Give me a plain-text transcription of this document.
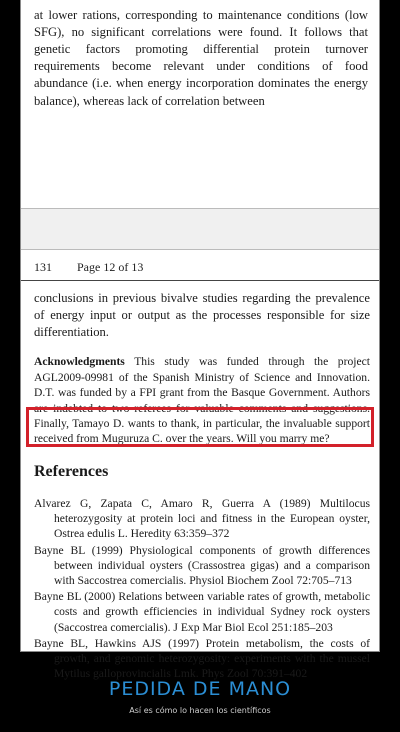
at lower rations, corresponding to maintenance conditions (low SFG), no significant correlations were found. It follows that genetic factors promoting differential protein turnover requirements become relevant under conditions of food abundance (i.e. when energy incorporation dominates the energy balance), whereas lack of correlation between

131 Page 12 of 13

conclusions in previous bivalve studies regarding the prevalence of energy input or output as the processes responsible for size differentiation.

Acknowledgments This study was funded through the project AGL2009-09981 of the Spanish Ministry of Science and Innovation. D.T. was funded by a FPI grant from the Basque Government. Authors are indebted to two referees for valuable comments and suggestions. Finally, Tamayo D. wants to thank, in particular, the invaluable support received from Muguruza C. over the years. Will you marry me?

References

Alvarez G, Zapata C, Amaro R, Guerra A (1989) Multilocus heterozygosity at protein loci and fitness in the European oyster, Ostrea edulis L. Heredity 63:359–372

Bayne BL (1999) Physiological components of growth differences between individual oysters (Crassostrea gigas) and a comparison with Saccostrea comercialis. Physiol Biochem Zool 72:705–713

Bayne BL (2000) Relations between variable rates of growth, metabolic costs and growth efficiencies in individual Sydney rock oysters (Saccostrea comercialis). J Exp Mar Biol Ecol 251:185–203

Bayne BL, Hawkins AJS (1997) Protein metabolism, the costs of growth, and genomic heterozygosity: experiments with the mussel Mytilus galloprovincialis Lmk. Phys Zool 70:391–402

PEDIDA DE MANO
Así es cómo lo hacen los científicos
